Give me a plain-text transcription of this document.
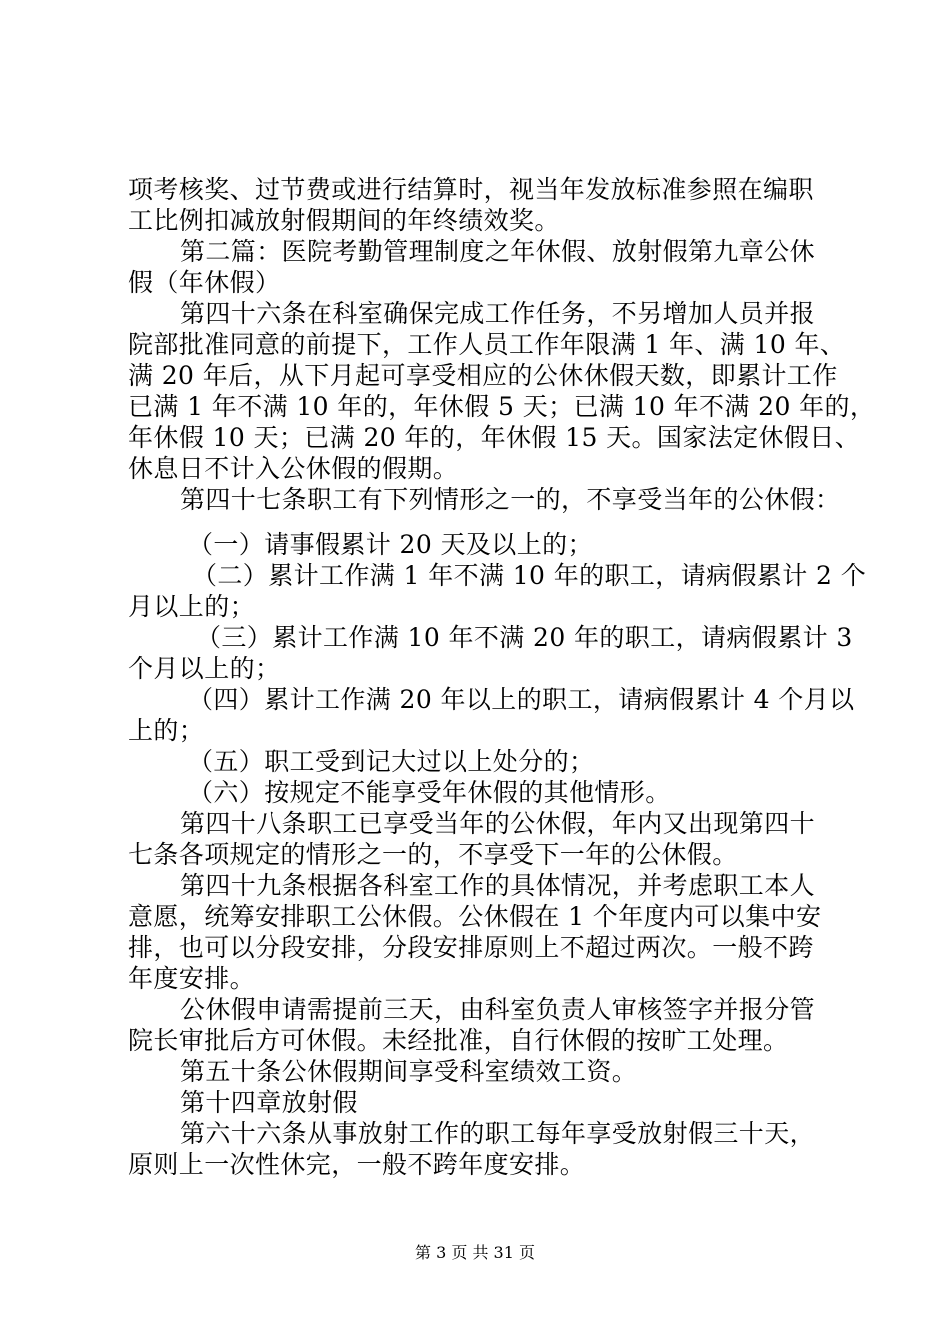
项考核奖、过节费或进行结算时，视当年发放标准参照在编职
工比例扣减放射假期间的年终绩效奖。
第二篇：医院考勤管理制度之年休假、放射假第九章公休
假（年休假）
第四十六条在科室确保完成工作任务，不另增加人员并报
院部批准同意的前提下，工作人员工作年限满 1 年、满 10 年、
满 20 年后，从下月起可享受相应的公休休假天数，即累计工作
已满 1 年不满 10 年的，年休假 5 天；已满 10 年不满 20 年的，
年休假 10 天；已满 20 年的，年休假 15 天。国家法定休假日、
休息日不计入公休假的假期。
第四十七条职工有下列情形之一的，不享受当年的公休假：
（一）请事假累计 20 天及以上的；
（二）累计工作满 1 年不满 10 年的职工，请病假累计 2 个
月以上的；
（三）累计工作满 10 年不满 20 年的职工，请病假累计 3
个月以上的；
（四）累计工作满 20 年以上的职工，请病假累计 4 个月以
上的；
（五）职工受到记大过以上处分的；
（六）按规定不能享受年休假的其他情形。
第四十八条职工已享受当年的公休假，年内又出现第四十
七条各项规定的情形之一的，不享受下一年的公休假。
第四十九条根据各科室工作的具体情况，并考虑职工本人
意愿，统筹安排职工公休假。公休假在 1 个年度内可以集中安
排，也可以分段安排，分段安排原则上不超过两次。一般不跨
年度安排。
公休假申请需提前三天，由科室负责人审核签字并报分管
院长审批后方可休假。未经批准，自行休假的按旷工处理。
第五十条公休假期间享受科室绩效工资。
第十四章放射假
第六十六条从事放射工作的职工每年享受放射假三十天，
原则上一次性休完，一般不跨年度安排。
第 3 页 共 31 页
